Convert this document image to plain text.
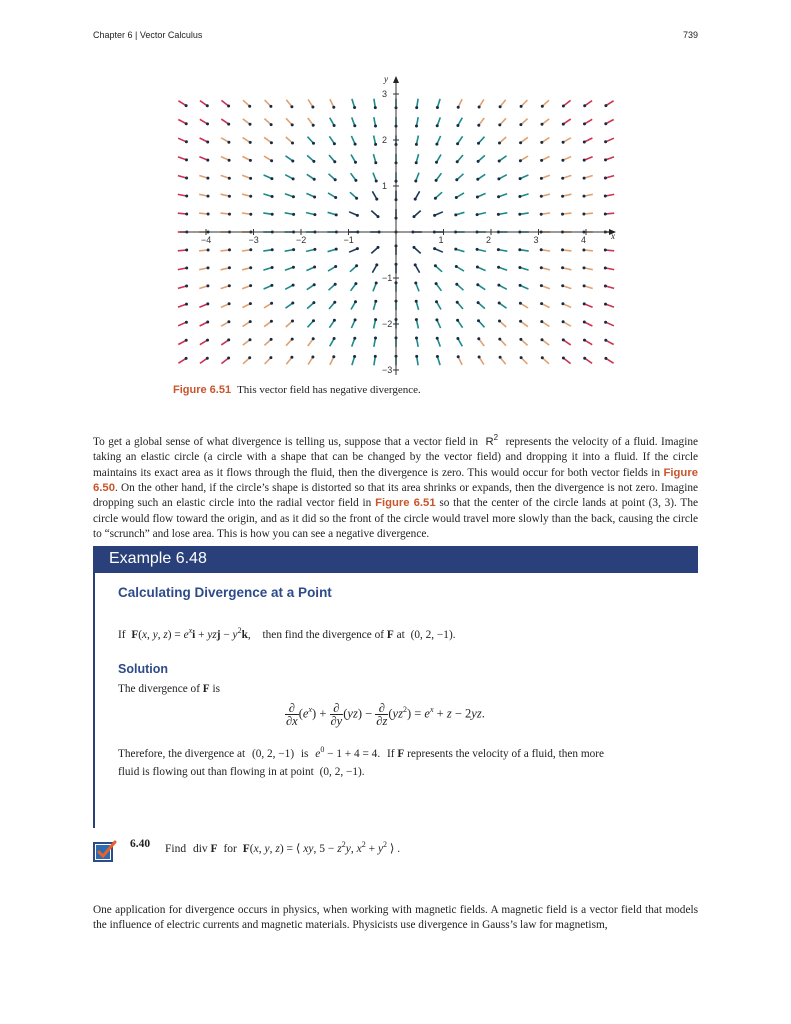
Chapter 6 | Vector Calculus	739
x
y
−4	−3	−2	−1	1	2	3	4
−3
−2
−1
1
2
3
Figure 6.51 This vector field has negative divergence.
To get a global sense of what divergence is telling us, suppose that a vector field in $R^2$ represents the velocity of a fluid. Imagine taking an elastic circle (a circle with a shape that can be changed by the vector field) and dropping it into a fluid. If the circle maintains its exact area as it flows through the fluid, then the divergence is zero. This would occur for both vector fields in Figure 6.50. On the other hand, if the circle’s shape is distorted so that its area shrinks or expands, then the divergence is not zero. Imagine dropping such an elastic circle into the radial vector field in Figure 6.51 so that the center of the circle lands at point (3, 3). The circle would flow toward the origin, and as it did so the front of the circle would travel more slowly than the back, causing the circle to “scrunch” and lose area. This is how you can see a negative divergence.
Example 6.48
Calculating Divergence at a Point
If F(x, y, $z) = e^xi$ + yzj − $y^2k$, then find the divergence of F at (0, 2, −1).
Solution
The divergence of F is
$\frac{\partial}{\partial x} (e^x) + \frac{\partial}{\partial y} (yz) - \frac{\partial}{\partial z} (yz^2) = e^x + z - 2yz$.
Therefore, the divergence at (0, 2, −1) is $e^0 - 1 + 4 = 4$. If F represents the velocity of a fluid, then more
fluid is flowing out than flowing in at point (0, 2, −1).
6.40 Find div F for F(x, y, z) = ⟨ xy, $5 - z^2y$, $x^2 + y^2$ ⟩ .
One application for divergence occurs in physics, when working with magnetic fields. A magnetic field is a vector field that models the influence of electric currents and magnetic materials. Physicists use divergence in Gauss’s law for magnetism,
